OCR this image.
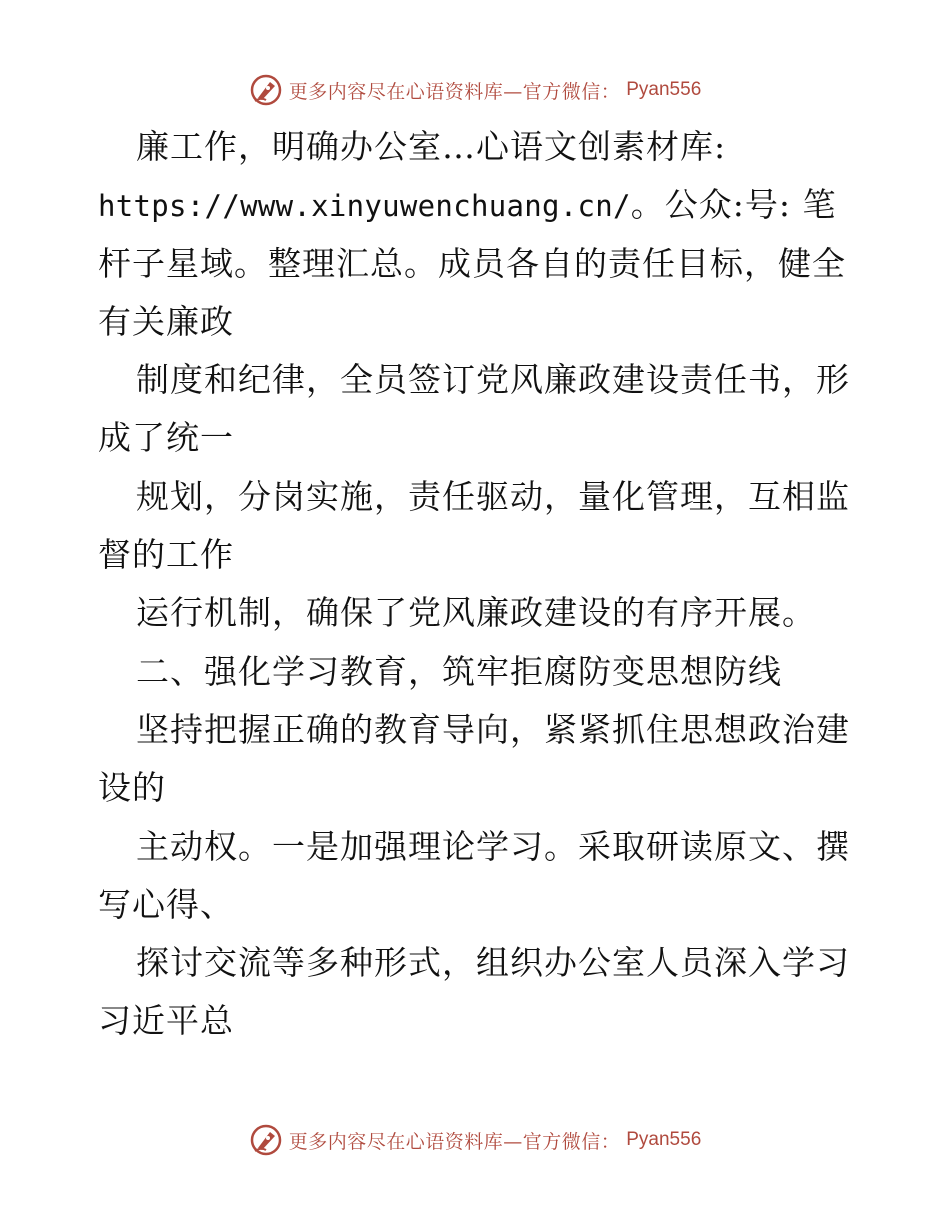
更多内容尽在心语资料库—官方微信： Pyan556
廉工作，明确办公室…心语文创素材库:
https://www.xinyuwenchuang.cn/。公众:号: 笔
杆子星域。整理汇总。成员各自的责任目标，健全
有关廉政
制度和纪律，全员签订党风廉政建设责任书，形
成了统一
规划，分岗实施，责任驱动，量化管理，互相监
督的工作
运行机制，确保了党风廉政建设的有序开展。
二、强化学习教育，筑牢拒腐防变思想防线
坚持把握正确的教育导向，紧紧抓住思想政治建
设的
主动权。一是加强理论学习。采取研读原文、撰
写心得、
探讨交流等多种形式，组织办公室人员深入学习
习近平总
更多内容尽在心语资料库—官方微信： Pyan556
